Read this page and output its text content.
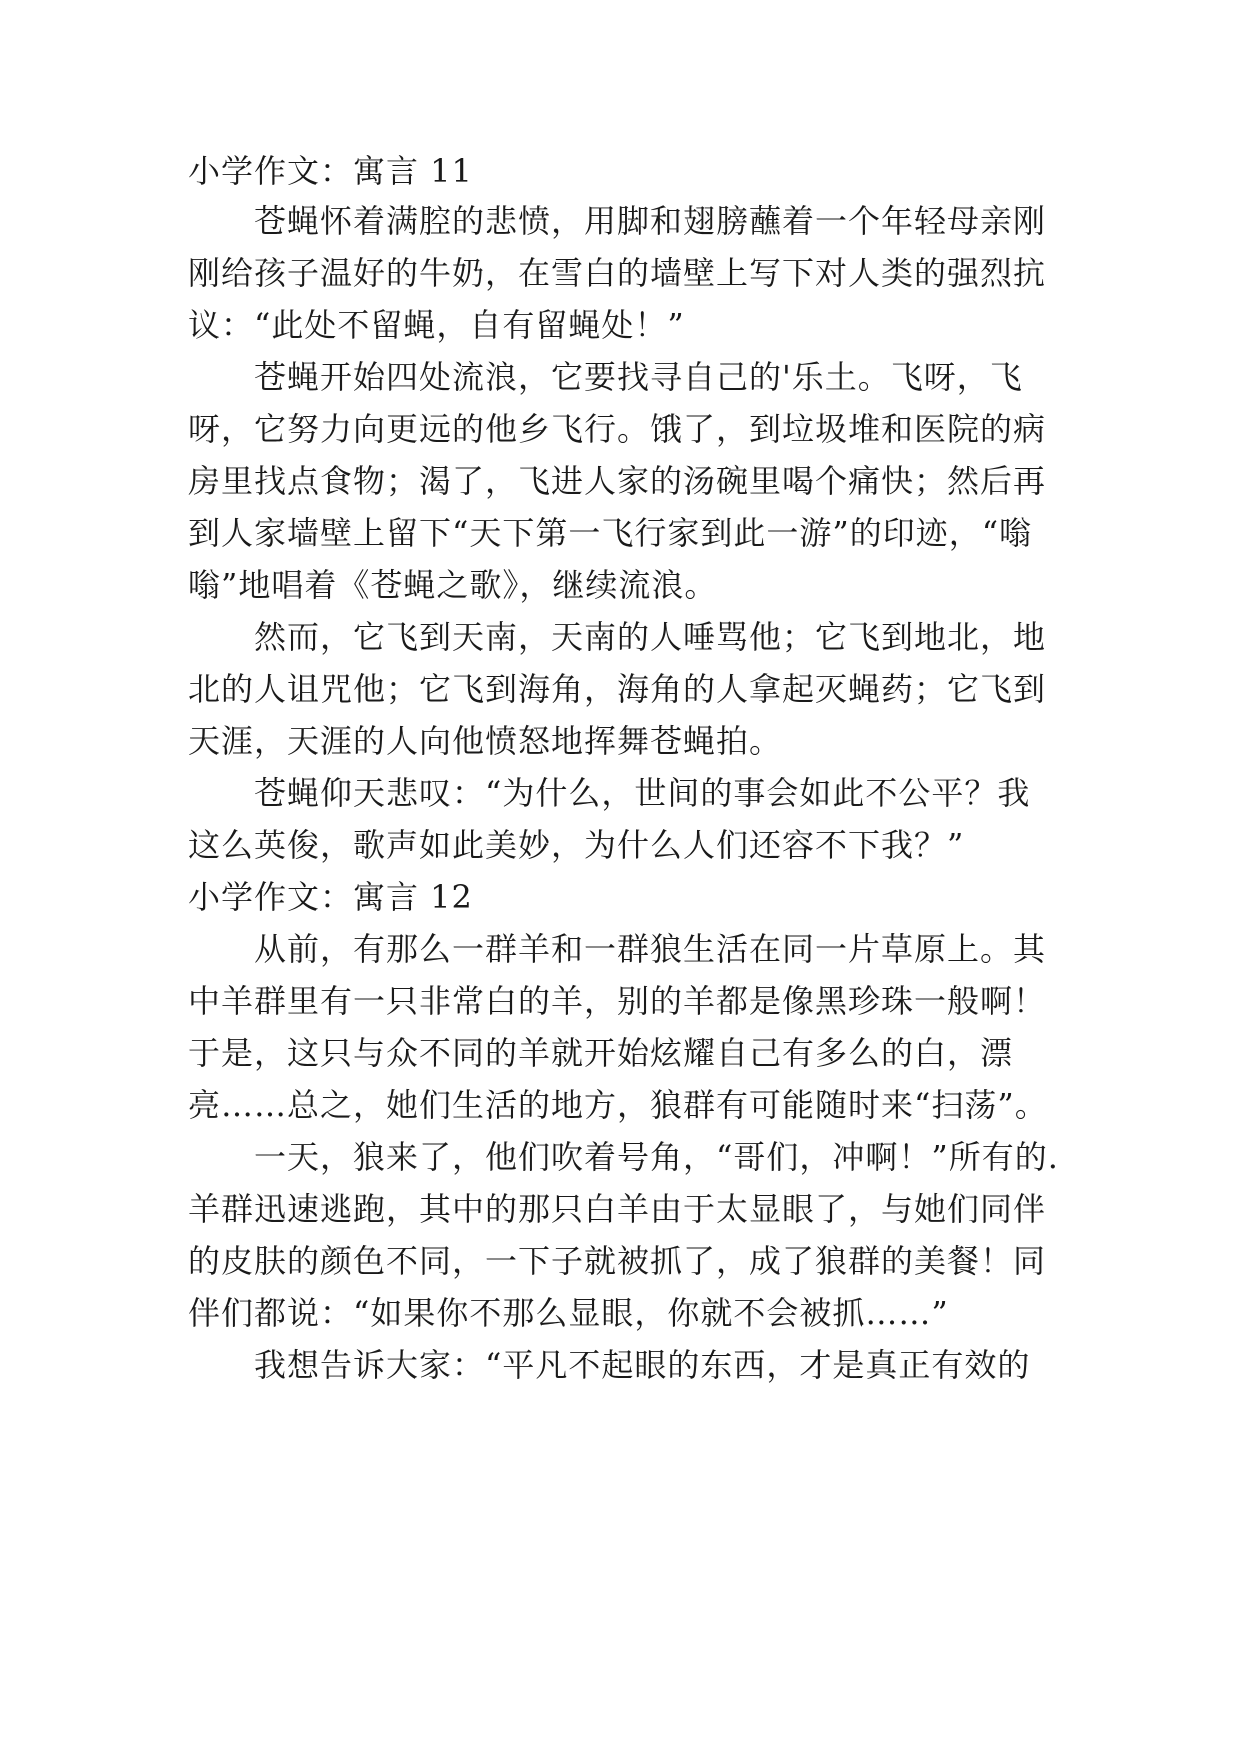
小学作文：寓言 11
　　苍蝇怀着满腔的悲愤，用脚和翅膀蘸着一个年轻母亲刚
刚给孩子温好的牛奶，在雪白的墙壁上写下对人类的强烈抗
议：“此处不留蝇，自有留蝇处！”
　　苍蝇开始四处流浪，它要找寻自己的'乐土。飞呀，飞
呀，它努力向更远的他乡飞行。饿了，到垃圾堆和医院的病
房里找点食物；渴了，飞进人家的汤碗里喝个痛快；然后再
到人家墙壁上留下“天下第一飞行家到此一游”的印迹，“嗡
嗡”地唱着《苍蝇之歌》，继续流浪。
　　然而，它飞到天南，天南的人唾骂他；它飞到地北，地
北的人诅咒他；它飞到海角，海角的人拿起灭蝇药；它飞到
天涯，天涯的人向他愤怒地挥舞苍蝇拍。
　　苍蝇仰天悲叹：“为什么，世间的事会如此不公平？我
这么英俊，歌声如此美妙，为什么人们还容不下我？”
小学作文：寓言 12
　　从前，有那么一群羊和一群狼生活在同一片草原上。其
中羊群里有一只非常白的羊，别的羊都是像黑珍珠一般啊！
于是，这只与众不同的羊就开始炫耀自己有多么的白，漂
亮……总之，她们生活的地方，狼群有可能随时来“扫荡”。
　　一天，狼来了，他们吹着号角，“哥们，冲啊！”所有的.
羊群迅速逃跑，其中的那只白羊由于太显眼了，与她们同伴
的皮肤的颜色不同，一下子就被抓了，成了狼群的美餐！同
伴们都说：“如果你不那么显眼，你就不会被抓……”
　　我想告诉大家：“平凡不起眼的东西，才是真正有效的
